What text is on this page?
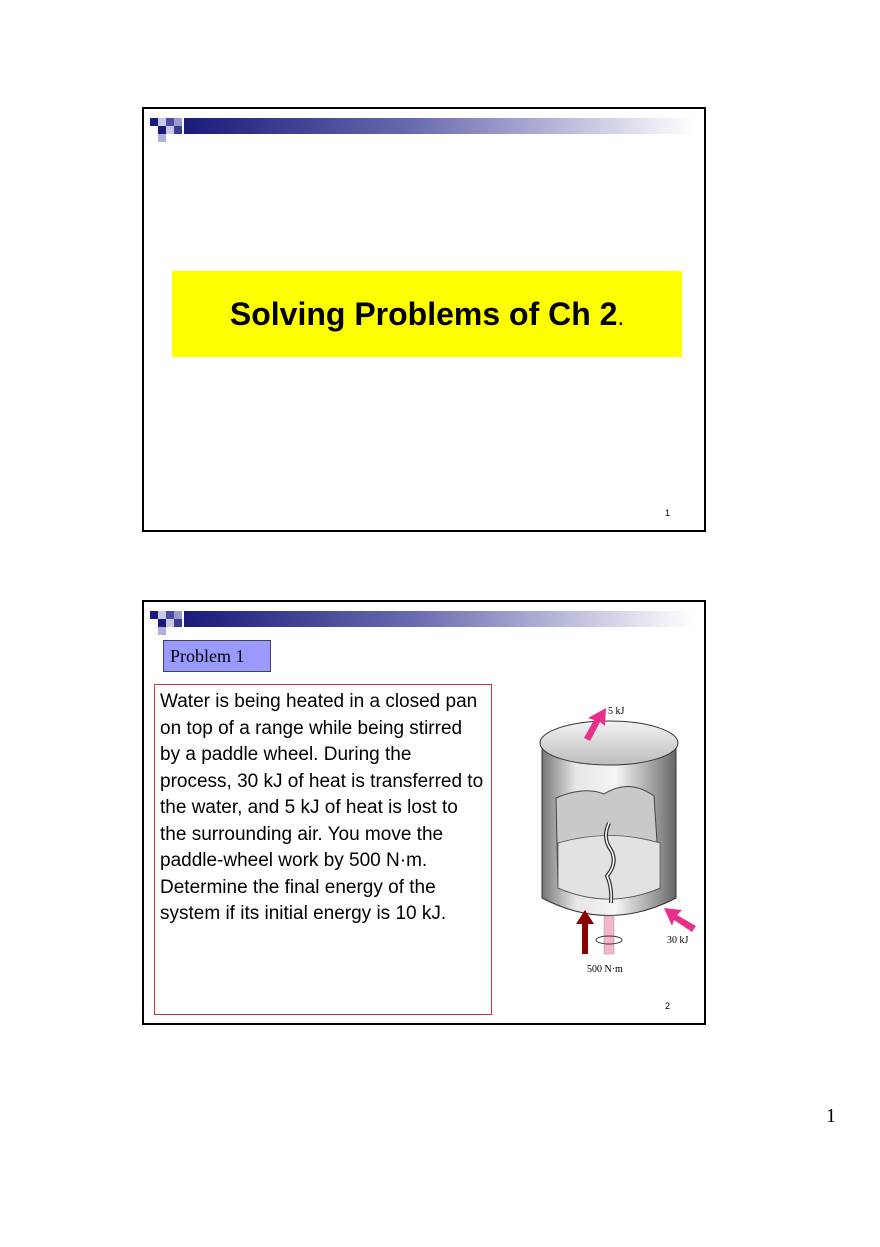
Solving Problems of Ch 2.
1
Problem 1
Water is being heated in a closed pan on top of a range while being stirred by a paddle wheel. During the process, 30 kJ of heat is transferred to the water, and 5 kJ of heat is lost to the surrounding air. You move the paddle-wheel work by 500 N·m. Determine the final energy of the system if its initial energy is 10 kJ.
5 kJ
30 kJ
500 N·m
2
1
